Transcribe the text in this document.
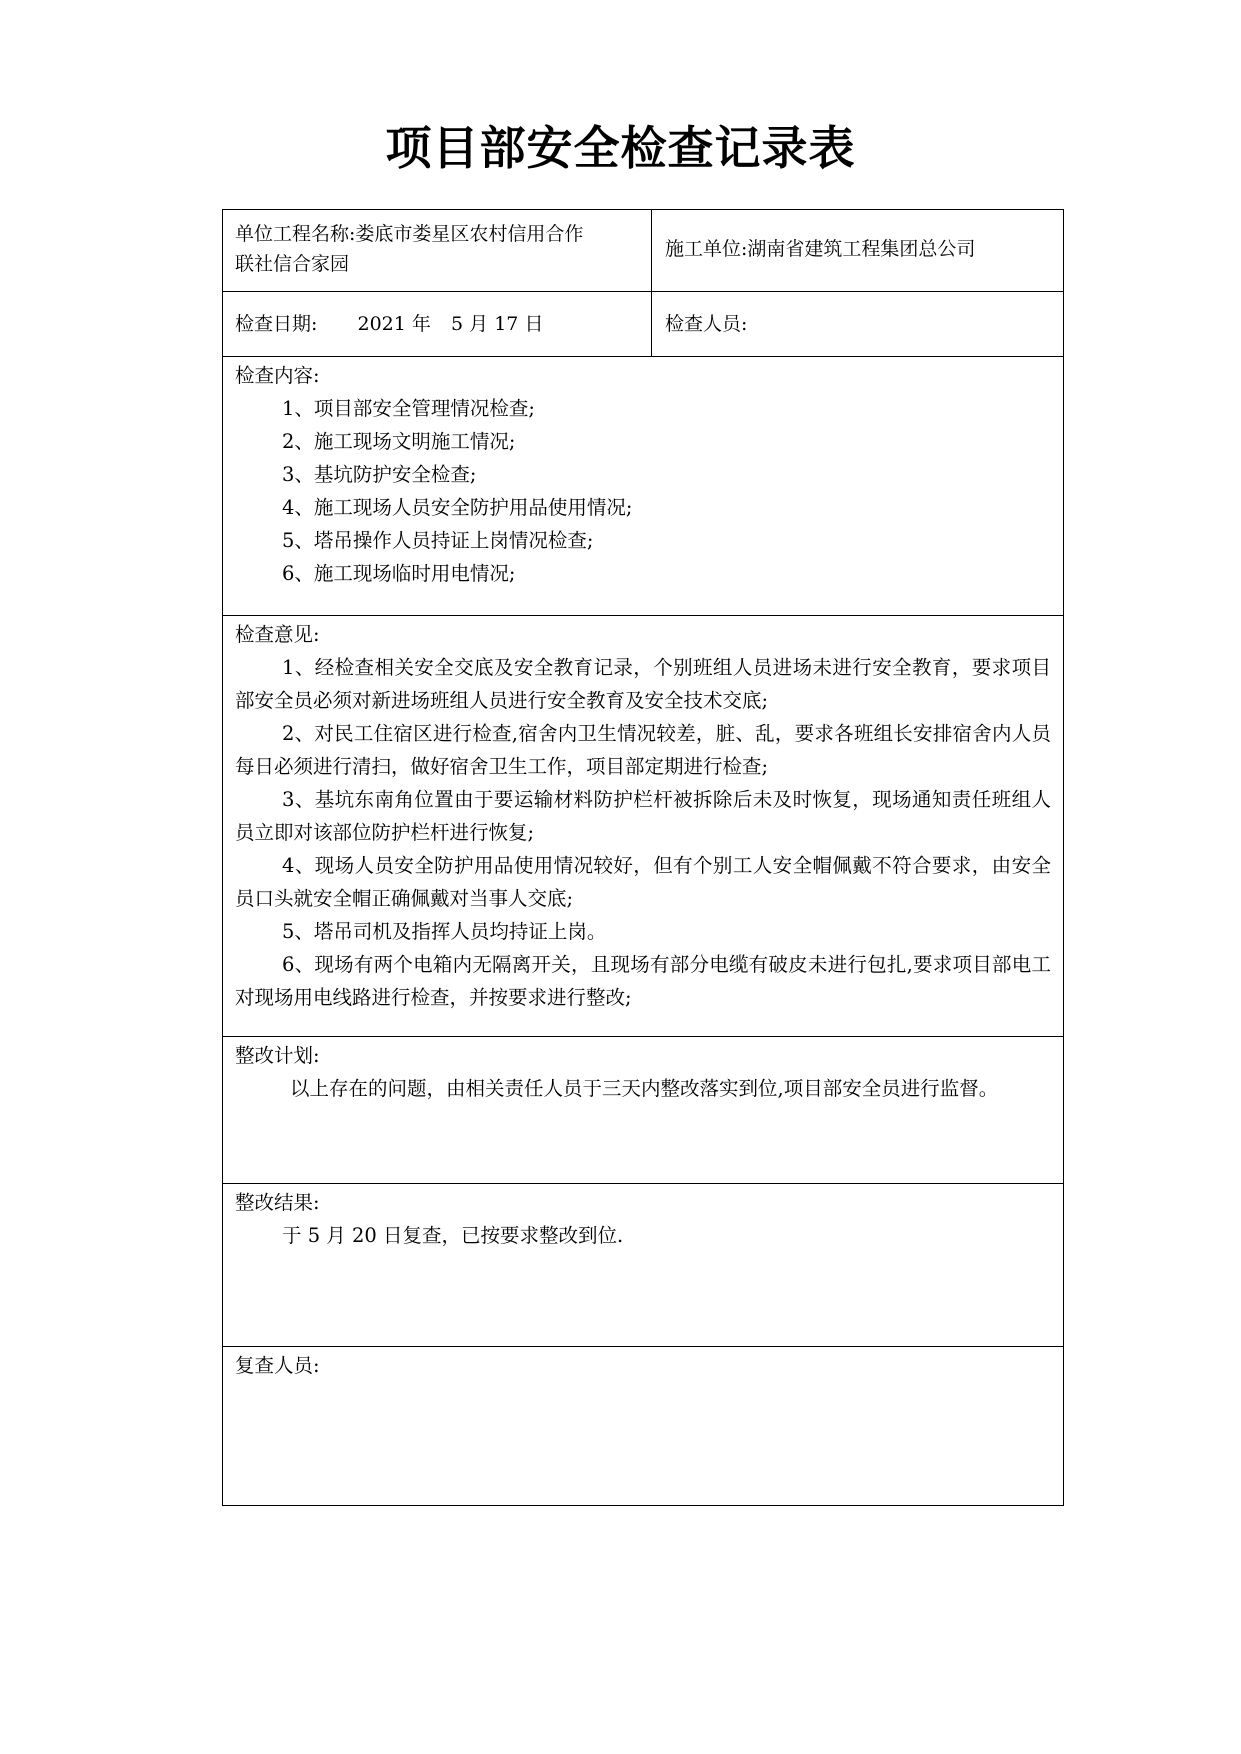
项目部安全检查记录表
单位工程名称:娄底市娄星区农村信用合作
联社信合家园
施工单位:湖南省建筑工程集团总公司
检查日期: 2021 年 5 月 17 日	检查人员:
检查内容:
1、项目部安全管理情况检查;
2、施工现场文明施工情况;
3、基坑防护安全检查;
4、施工现场人员安全防护用品使用情况;
5、塔吊操作人员持证上岗情况检查;
6、施工现场临时用电情况;
检查意见:
1、经检查相关安全交底及安全教育记录，个别班组人员进场未进行安全教育，要求项目部安全员必须对新进场班组人员进行安全教育及安全技术交底;
2、对民工住宿区进行检查,宿舍内卫生情况较差，脏、乱，要求各班组长安排宿舍内人员每日必须进行清扫，做好宿舍卫生工作，项目部定期进行检查;
3、基坑东南角位置由于要运输材料防护栏杆被拆除后未及时恢复，现场通知责任班组人员立即对该部位防护栏杆进行恢复;
4、现场人员安全防护用品使用情况较好，但有个别工人安全帽佩戴不符合要求，由安全员口头就安全帽正确佩戴对当事人交底;
5、塔吊司机及指挥人员均持证上岗。
6、现场有两个电箱内无隔离开关，且现场有部分电缆有破皮未进行包扎,要求项目部电工对现场用电线路进行检查，并按要求进行整改;
整改计划:
以上存在的问题，由相关责任人员于三天内整改落实到位,项目部安全员进行监督。
整改结果:
于 5 月 20 日复查，已按要求整改到位.
复查人员:
